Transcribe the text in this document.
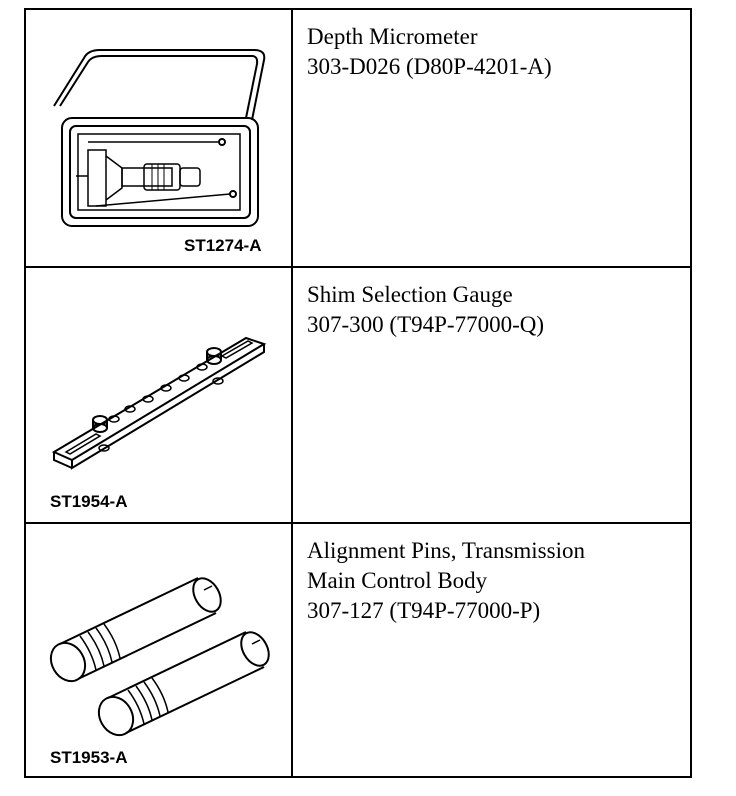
ST1274-A
Depth Micrometer
303-D026 (D80P-4201-A)
ST1954-A
Shim Selection Gauge
307-300 (T94P-77000-Q)
ST1953-A
Alignment Pins, Transmission
Main Control Body
307-127 (T94P-77000-P)
